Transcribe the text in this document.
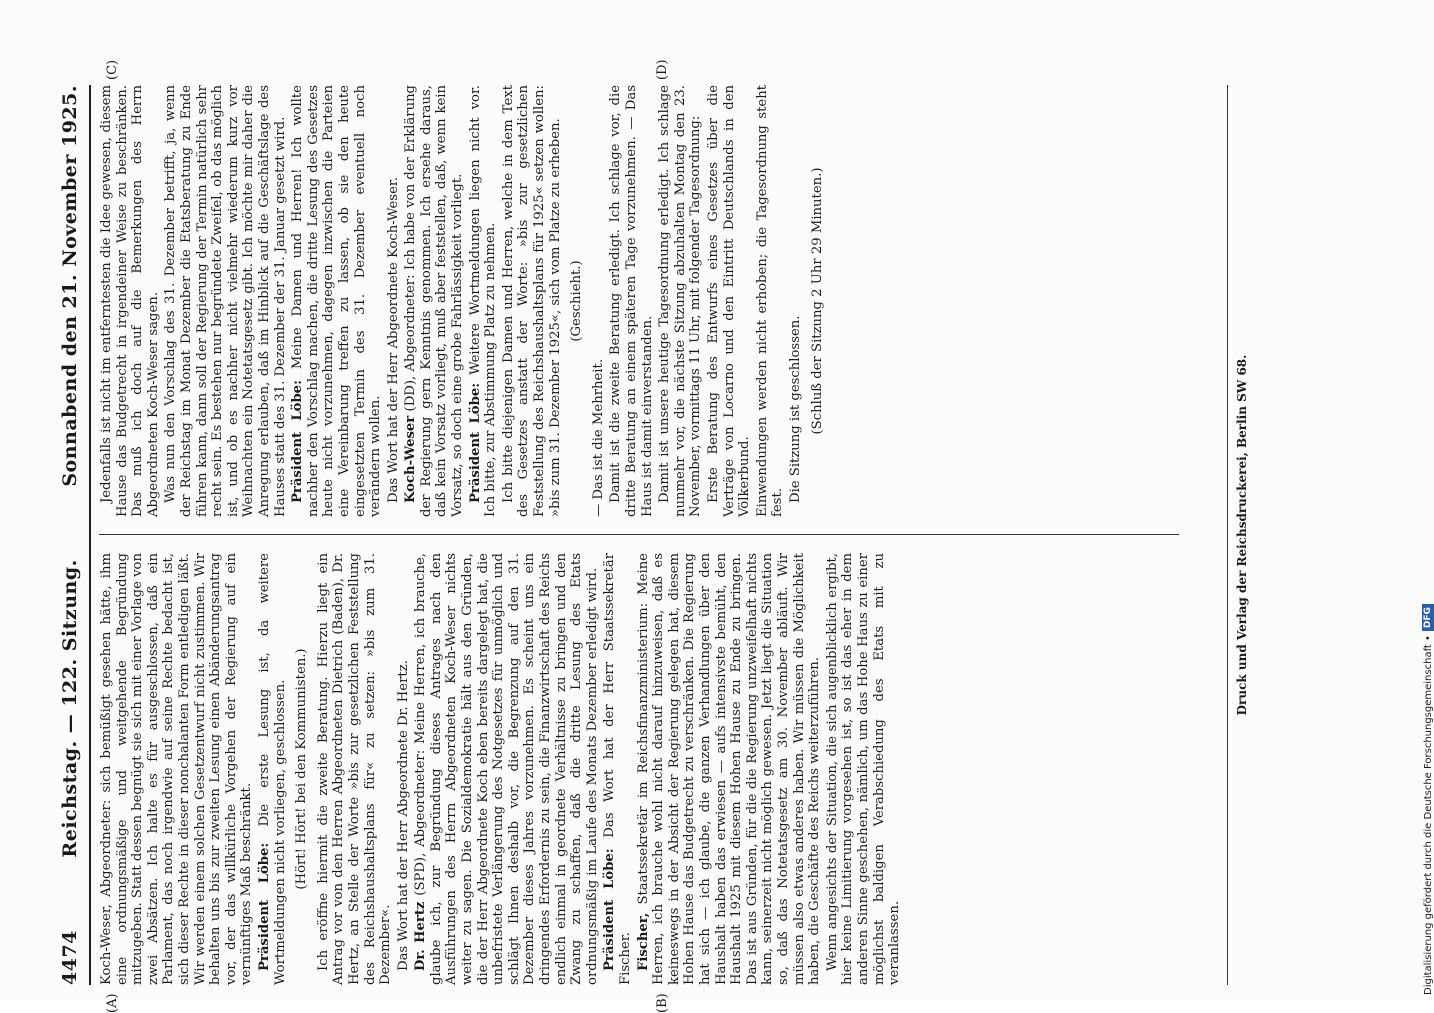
4474
Reichstag. — 122. Sitzung.
Sonnabend den 21. November 1925.

Koch-Weser, Abgeordneter: sich bemüßigt gesehen hätte, ihm eine ordnungsmäßige und weitgehende Begründung mitzugeben. Statt dessen begnügt sie sich mit einer Vorlage von zwei Absätzen. Ich halte es für ausgeschlossen, daß ein Parlament, das noch irgendwie auf seine Rechte bedacht ist, sich dieser Rechte in dieser nonchalanten Form entledigen läßt. Wir werden einem solchen Gesetzentwurf nicht zustimmen. Wir behalten uns bis zur zweiten Lesung einen Abänderungsantrag vor, der das willkürliche Vorgehen der Regierung auf ein vernünftiges Maß beschränkt. Präsident Löbe: Die erste Lesung ist, da weitere Wortmeldungen nicht vorliegen, geschlossen. (Hört! Hört! bei den Kommunisten.) Ich eröffne hiermit die zweite Beratung. Hierzu liegt ein Antrag vor von den Herren Abgeordneten Dietrich (Baden), Dr. Hertz, an Stelle der Worte »bis zur gesetzlichen Feststellung des Reichshaushaltsplans für« zu setzen: »bis zum 31. Dezember«. Das Wort hat der Herr Abgeordnete Dr. Hertz. Dr. Hertz (SPD), Abgeordneter: Meine Herren, ich brauche, glaube ich, zur Begründung dieses Antrages nach den Ausführungen des Herrn Abgeordneten Koch-Weser nichts weiter zu sagen. Die Sozialdemokratie hält aus den Gründen, die der Herr Abgeordnete Koch eben bereits dargelegt hat, die unbefristete Verlängerung des Notgesetzes für unmöglich und schlägt Ihnen deshalb vor, die Begrenzung auf den 31. Dezember dieses Jahres vorzunehmen. Es scheint uns ein dringendes Erfordernis zu sein, die Finanzwirtschaft des Reichs endlich einmal in geordnete Verhältnisse zu bringen und den Zwang zu schaffen, daß die dritte Lesung des Etats ordnungsmäßig im Laufe des Monats Dezember erledigt wird. Präsident Löbe: Das Wort hat der Herr Staatssekretär Fischer. Fischer, Staatssekretär im Reichsfinanzministerium: Meine Herren, ich brauche wohl nicht darauf hinzuweisen, daß es keineswegs in der Absicht der Regierung gelegen hat, diesem Hohen Hause das Budgetrecht zu verschränken. Die Regierung hat sich — ich glaube, die ganzen Verhandlungen über den Haushalt haben das erwiesen — aufs intensivste bemüht, den Haushalt 1925 mit diesem Hohen Hause zu Ende zu bringen. Das ist aus Gründen, für die die Regierung unzweifelhaft nichts kann, seinerzeit nicht möglich gewesen. Jetzt liegt die Situation so, daß das Notetatsgesetz am 30. November abläuft. Wir müssen also etwas anderes haben. Wir müssen die Möglichkeit haben, die Geschäfte des Reichs weiterzuführen. Wenn angesichts der Situation, die sich augenblicklich ergibt, hier keine Limitierung vorgesehen ist, so ist das eher in dem anderen Sinne geschehen, nämlich, um das Hohe Haus zu einer möglichst baldigen Verabschiedung des Etats mit zu veranlassen.

Jedenfalls ist nicht im entferntesten die Idee gewesen, diesem Hause das Budgetrecht in irgendeiner Weise zu beschränken. Das muß ich doch auf die Bemerkungen des Herrn Abgeordneten Koch-Weser sagen. Was nun den Vorschlag des 31. Dezember betrifft, ja, wenn der Reichstag im Monat Dezember die Etatsberatung zu Ende führen kann, dann soll der Regierung der Termin natürlich sehr recht sein. Es bestehen nur begründete Zweifel, ob das möglich ist, und ob es nachher nicht vielmehr wiederum kurz vor Weihnachten ein Notetatsgesetz gibt. Ich möchte mir daher die Anregung erlauben, daß im Hinblick auf die Geschäftslage des Hauses statt des 31. Dezember der 31. Januar gesetzt wird. Präsident Löbe: Meine Damen und Herren! Ich wollte nachher den Vorschlag machen, die dritte Lesung des Gesetzes heute nicht vorzunehmen, dagegen inzwischen die Parteien eine Vereinbarung treffen zu lassen, ob sie den heute eingesetzten Termin des 31. Dezember eventuell noch verändern wollen. Das Wort hat der Herr Abgeordnete Koch-Weser. Koch-Weser (DD), Abgeordneter: Ich habe von der Erklärung der Regierung gern Kenntnis genommen. Ich ersehe daraus, daß kein Vorsatz vorliegt, muß aber feststellen, daß, wenn kein Vorsatz, so doch eine grobe Fahrlässigkeit vorliegt. Präsident Löbe: Weitere Wortmeldungen liegen nicht vor. Ich bitte, zur Abstimmung Platz zu nehmen. Ich bitte diejenigen Damen und Herren, welche in dem Text des Gesetzes anstatt der Worte: »bis zur gesetzlichen Feststellung des Reichshaushaltsplans für 1925« setzen wollen: »bis zum 31. Dezember 1925«, sich vom Platze zu erheben. (Geschieht.)

— Das ist die Mehrheit. Damit ist die zweite Beratung erledigt. Ich schlage vor, die dritte Beratung an einem späteren Tage vorzunehmen. — Das Haus ist damit einverstanden. Damit ist unsere heutige Tagesordnung erledigt. Ich schlage nunmehr vor, die nächste Sitzung abzuhalten Montag den 23. November, vormittags 11 Uhr, mit folgender Tagesordnung: Erste Beratung des Entwurfs eines Gesetzes über die Verträge von Locarno und den Eintritt Deutschlands in den Völkerbund. Einwendungen werden nicht erhoben; die Tagesordnung steht fest. Die Sitzung ist geschlossen. (Schluß der Sitzung 2 Uhr 29 Minuten.)

(A)	(B)
(C)	(D)
Druck und Verlag der Reichsdruckerei, Berlin SW 68.
Digitalisierung gefördert durch die Deutsche Forschungsgemeinschaft •
DFG
